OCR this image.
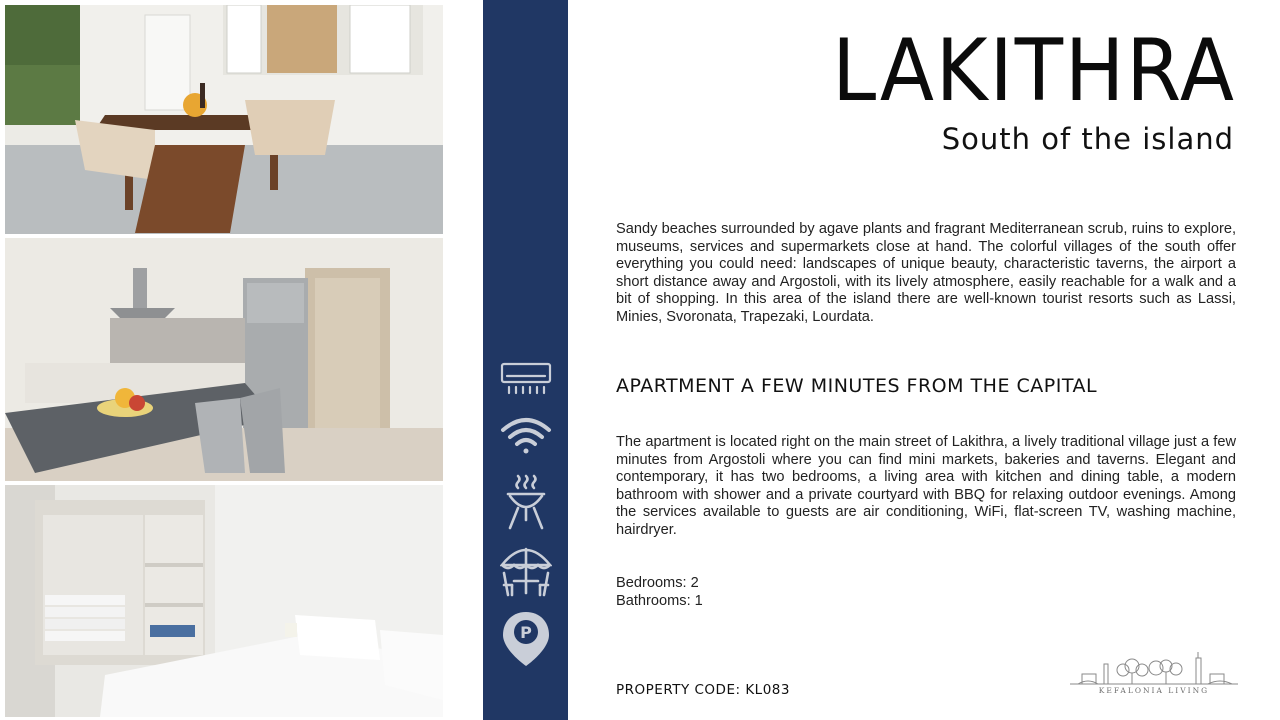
P
LAKITHRA
South of the island
Sandy beaches surrounded by agave plants and fragrant Mediterranean scrub, ruins to explore, museums, services and supermarkets close at hand. The colorful villages of the south offer everything you could need: landscapes of unique beauty, characteristic taverns, the airport a short distance away and Argostoli, with its lively atmosphere, easily reachable for a walk and a bit of shopping. In this area of the island there are well-known tourist resorts such as Lassi, Minies, Svoronata, Trapezaki, Lourdata.
APARTMENT A FEW MINUTES FROM THE CAPITAL
The apartment is located right on the main street of Lakithra, a lively traditional village just a few minutes from Argostoli where you can find mini markets, bakeries and taverns. Elegant and contemporary, it has two bedrooms, a living area with kitchen and dining table, a modern bathroom with shower and a private courtyard with BBQ for relaxing outdoor evenings. Among the services available to guests are air conditioning, WiFi, flat-screen TV, washing machine, hairdryer.
Bedrooms: 2
Bathrooms: 1
PROPERTY CODE: KL083	KEFALONIA LIVING
